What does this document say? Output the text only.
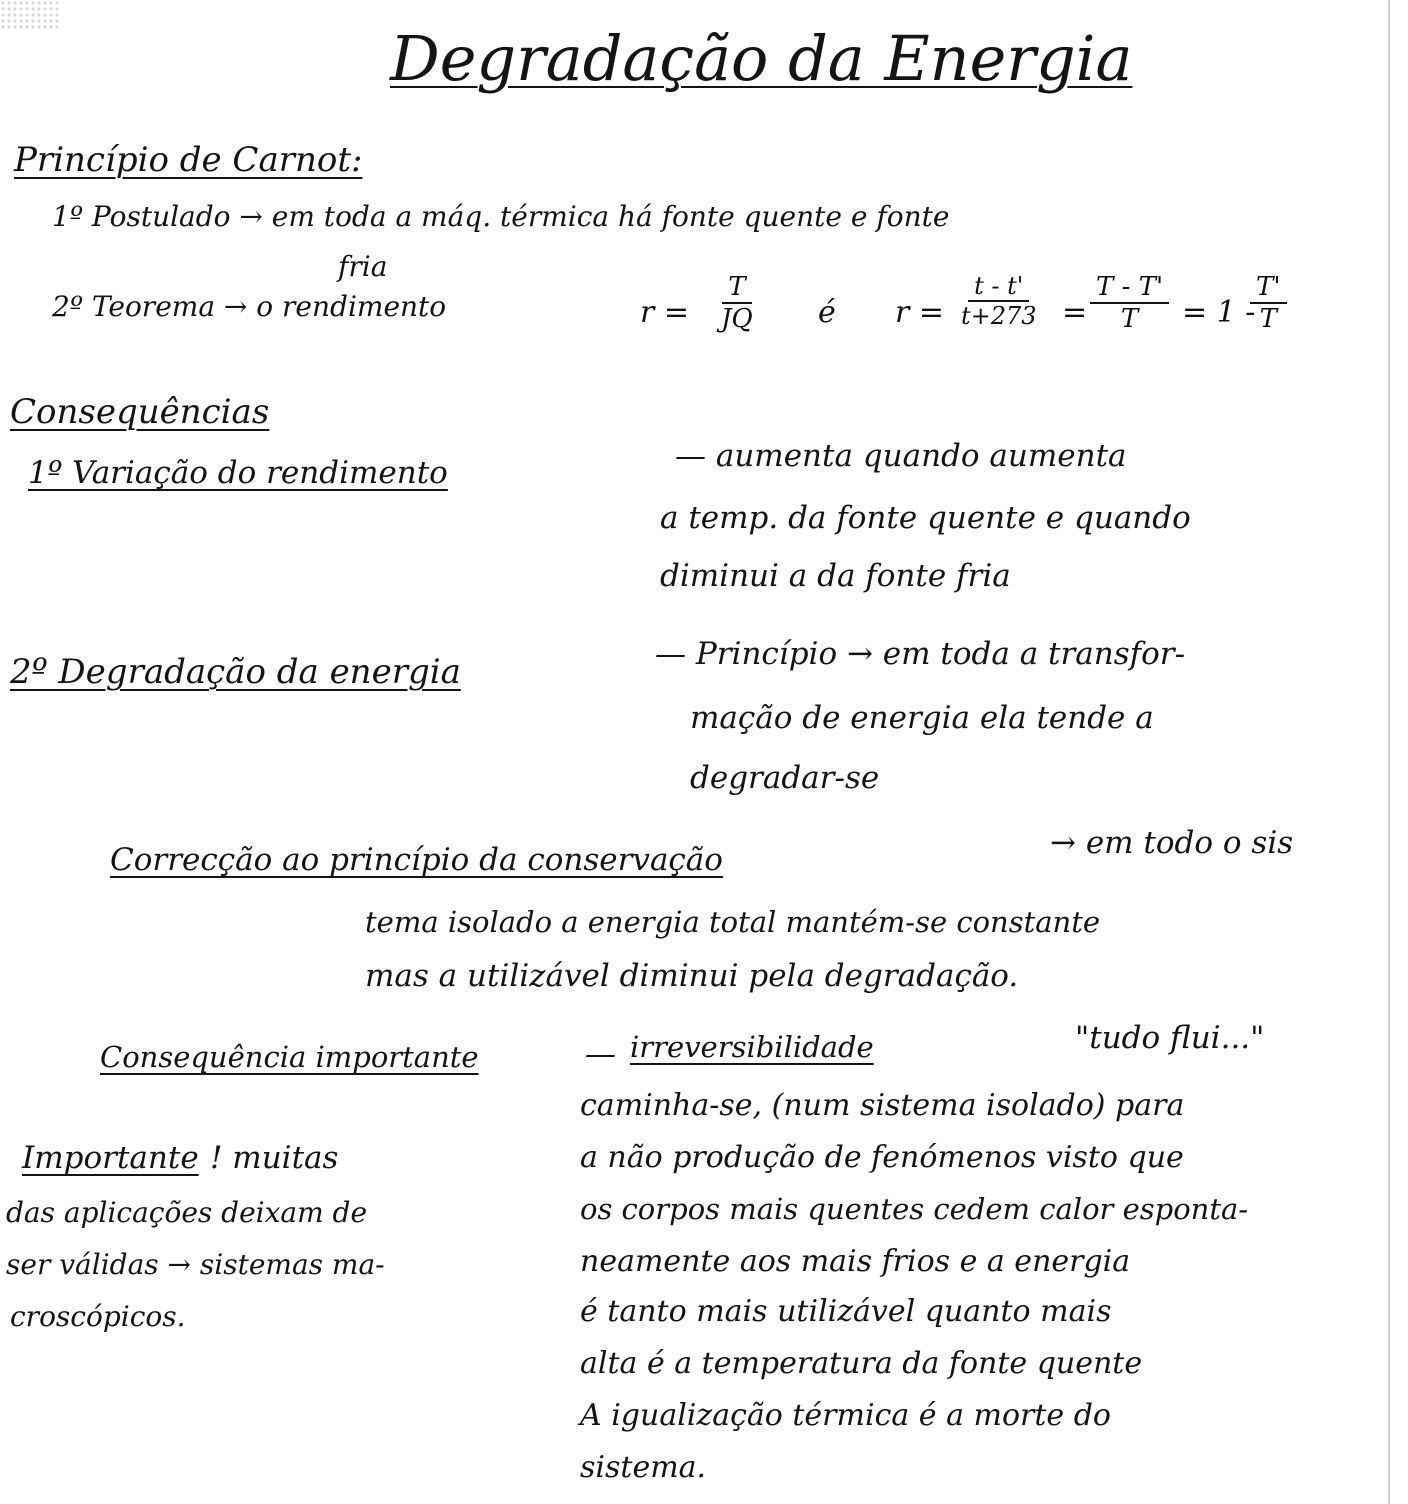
Degradação da Energia
Princípio de Carnot:
1º Postulado → em toda a máq. térmica há fonte quente e fonte
fria
2º Teorema → o rendimento	$r = \frac{T}{JQ}$ é $r = \frac{t - t'}{t+273} = \frac{T - T'}{T} = 1$ -
$\frac{T'}{T}$
Consequências
1º Variação do rendimento	— aumenta quando aumenta
a temp. da fonte quente e quando
diminui a da fonte fria
2º Degradação da energia	— Princípio → em toda a transfor-
mação de energia ela tende a
degradar-se
Correcção ao princípio da conservação	→ em todo o sis
tema isolado a energia total mantém-se constante
mas a utilizável diminui pela degradação.
Consequência importante	— irreversibilidade	"tudo flui..."
caminha-se, (num sistema isolado) para
a não produção de fenómenos visto que
os corpos mais quentes cedem calor esponta-
neamente aos mais frios e a energia
é tanto mais utilizável quanto mais
alta é a temperatura da fonte quente
A igualização térmica é a morte do
sistema.
Importante ! muitas
das aplicações deixam de
ser válidas → sistemas ma-
croscópicos.
